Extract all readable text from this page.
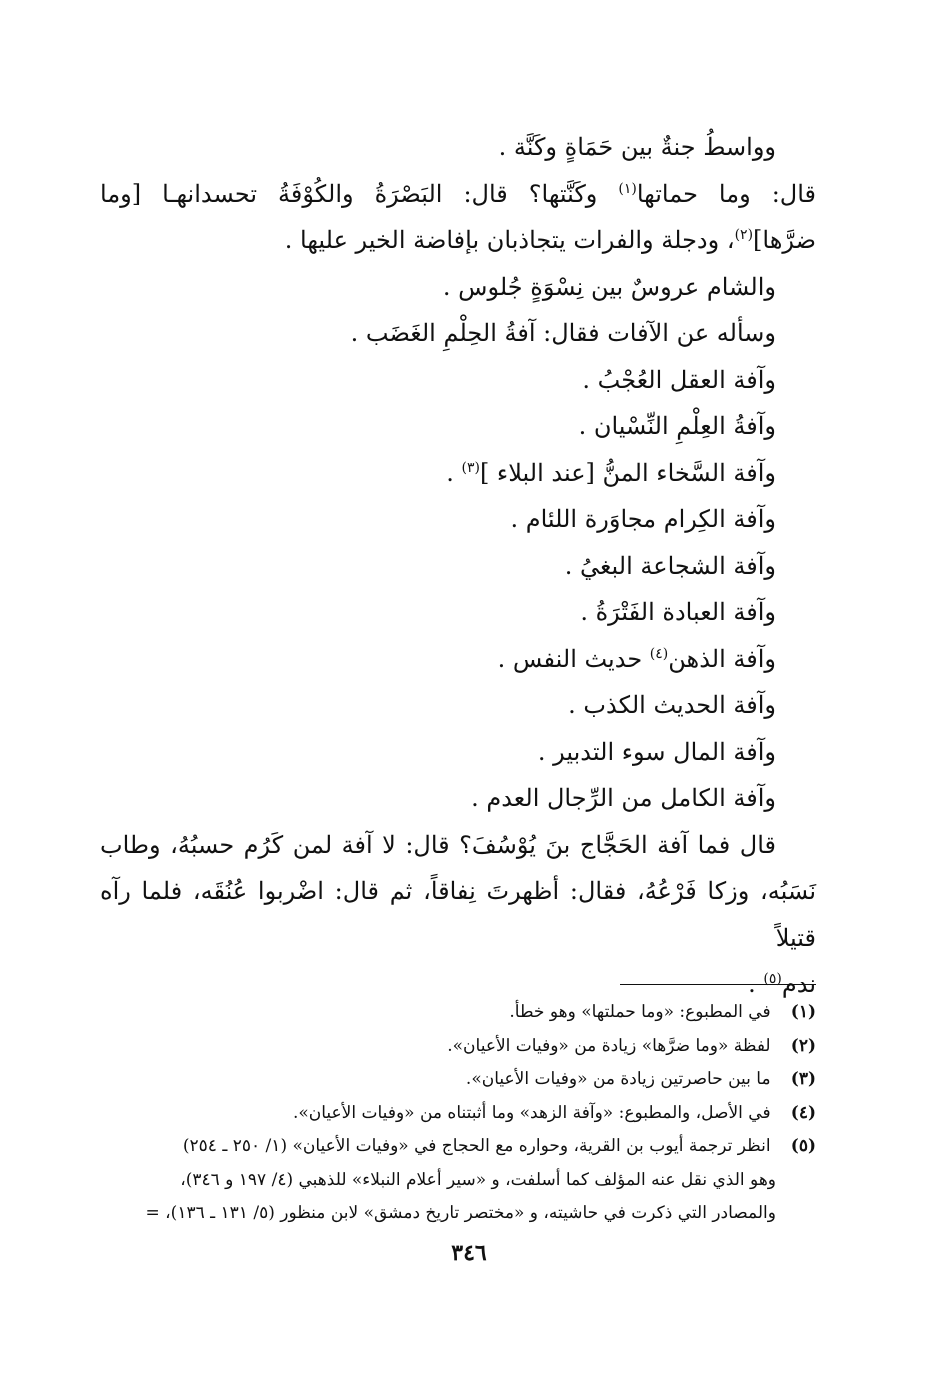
وواسطُ جنةٌ بين حَمَاةٍ وكَنَّة .
قال: وما حماتها$^{(١)}$ وكَنَّتها؟ قال: البَصْرَةُ والكُوْفَةُ تحسدانهـا [وما
ضرَّها]$^{(٢)}$، ودجلة والفرات يتجاذبان بإفاضة الخير عليها .
والشام عروسٌ بين نِسْوَةٍ جُلوس .
وسأله عن الآفات فقال: آفةُ الحِلْمِ الغَضَب .
وآفة العقل العُجْبُ .
وآفةُ العِلْمِ النِّسْيان .
وآفة السَّخاء المنُّ [عند البلاء ]$^{(٣)}$ .
وآفة الكِرام مجاوَرة اللئام .
وآفة الشجاعة البغيُ .
وآفة العبادة الفَتْرَةُ .
وآفة الذهن$^{(٤)}$ حديث النفس .
وآفة الحديث الكذب .
وآفة المال سوء التدبير .
وآفة الكامل من الرِّجال العدم .
قال فما آفة الحَجَّاج بنَ يُوْسُفَ؟ قال: لا آفة لمن كَرُم حسبُهُ، وطاب
نَسَبُه، وزكا فَرْعُهُ، فقال: أظهرتَ نِفاقاً، ثم قال: اضْربوا عُنُقَه، فلما رآه قتيلاً
ندم$^{(٥)}$ .
(١) في المطبوع: «وما حملتها» وهو خطأ.
(٢) لفظة «وما ضرَّها» زيادة من «وفيات الأعيان».
(٣) ما بين حاصرتين زيادة من «وفيات الأعيان».
(٤) في الأصل، والمطبوع: «وآفة الزهد» وما أثبتناه من «وفيات الأعيان».
(٥) انظر ترجمة أيوب بن القرية، وحواره مع الحجاج في «وفيات الأعيان» (١/ ٢٥٠ ـ ٢٥٤)
وهو الذي نقل عنه المؤلف كما أسلفت، و «سير أعلام النبلاء» للذهبي (٤/ ١٩٧ و ٣٤٦)،
والمصادر التي ذكرت في حاشيته، و «مختصر تاريخ دمشق» لابن منظور (٥/ ١٣١ ـ ١٣٦)، =
٣٤٦
